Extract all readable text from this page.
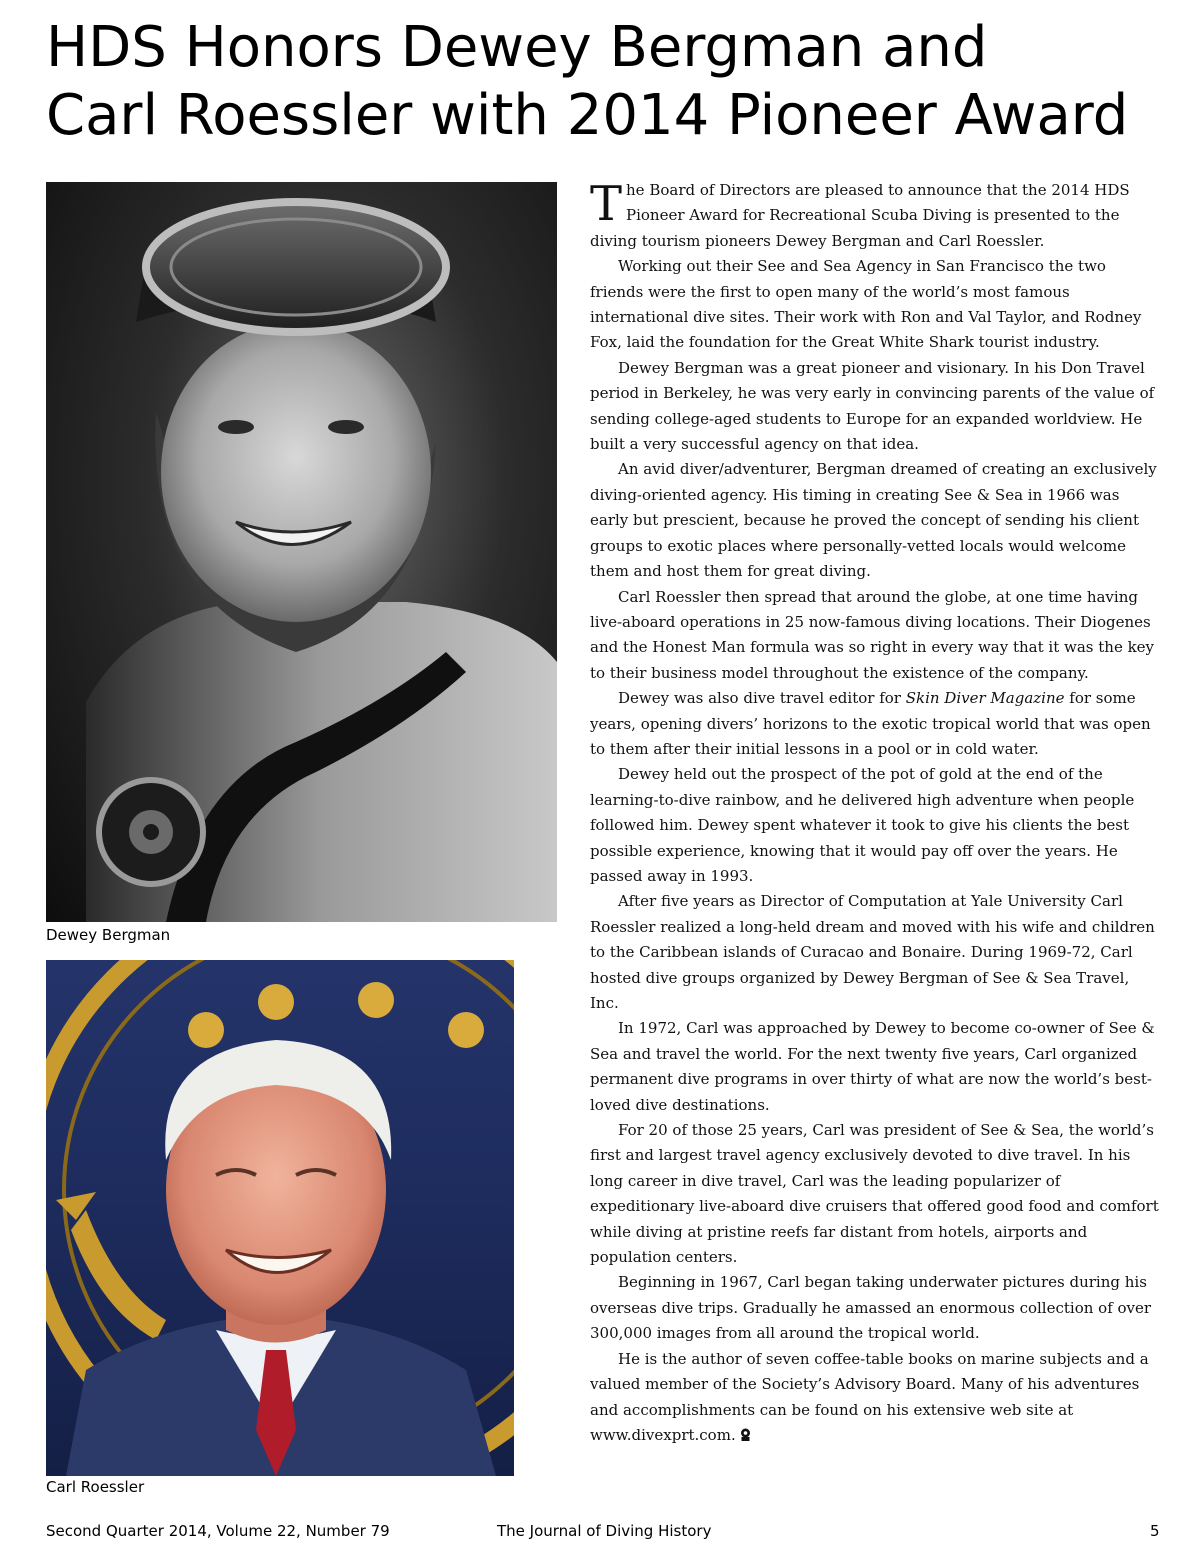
HDS Honors Dewey Bergman and
Carl Roessler with 2014 Pioneer Award
Dewey Bergman
Carl Roessler

The Board of Directors are pleased to announce that the 2014 HDS Pioneer Award for Recreational Scuba Diving is presented to the diving tourism pioneers Dewey Bergman and Carl Roessler.

Working out their See and Sea Agency in San Francisco the two friends were the first to open many of the world’s most famous international dive sites. Their work with Ron and Val Taylor, and Rodney Fox, laid the foundation for the Great White Shark tourist industry.

Dewey Bergman was a great pioneer and visionary. In his Don Travel period in Berkeley, he was very early in convincing parents of the value of sending college-aged students to Europe for an expanded worldview. He built a very successful agency on that idea.

An avid diver/adventurer, Bergman dreamed of creating an exclusively diving-oriented agency. His timing in creating See & Sea in 1966 was early but prescient, because he proved the concept of sending his client groups to exotic places where personally-vetted locals would welcome them and host them for great diving.

Carl Roessler then spread that around the globe, at one time having live-aboard operations in 25 now-famous diving locations. Their Diogenes and the Honest Man formula was so right in every way that it was the key to their business model throughout the existence of the company.

Dewey was also dive travel editor for Skin Diver Magazine for some years, opening divers’ horizons to the exotic tropical world that was open to them after their initial lessons in a pool or in cold water.

Dewey held out the prospect of the pot of gold at the end of the learning-to-dive rainbow, and he delivered high adventure when people followed him. Dewey spent whatever it took to give his clients the best possible experience, knowing that it would pay off over the years. He passed away in 1993.

After five years as Director of Computation at Yale University Carl Roessler realized a long-held dream and moved with his wife and children to the Caribbean islands of Curacao and Bonaire. During 1969-72, Carl hosted dive groups organized by Dewey Bergman of See & Sea Travel, Inc.

In 1972, Carl was approached by Dewey to become co-owner of See & Sea and travel the world. For the next twenty five years, Carl organized permanent dive programs in over thirty of what are now the world’s best-loved dive destinations.

For 20 of those 25 years, Carl was president of See & Sea, the world’s first and largest travel agency exclusively devoted to dive travel. In his long career in dive travel, Carl was the leading popularizer of expeditionary live-aboard dive cruisers that offered good food and comfort while diving at pristine reefs far distant from hotels, airports and population centers.

Beginning in 1967, Carl began taking underwater pictures during his overseas dive trips. Gradually he amassed an enormous collection of over 300,000 images from all around the tropical world.

He is the author of seven coffee-table books on marine subjects and a valued member of the Society’s Advisory Board. Many of his adventures and accomplishments can be found on his extensive web site at www.divexprt.com.

Second Quarter 2014, Volume 22, Number 79	The Journal of Diving History	5
